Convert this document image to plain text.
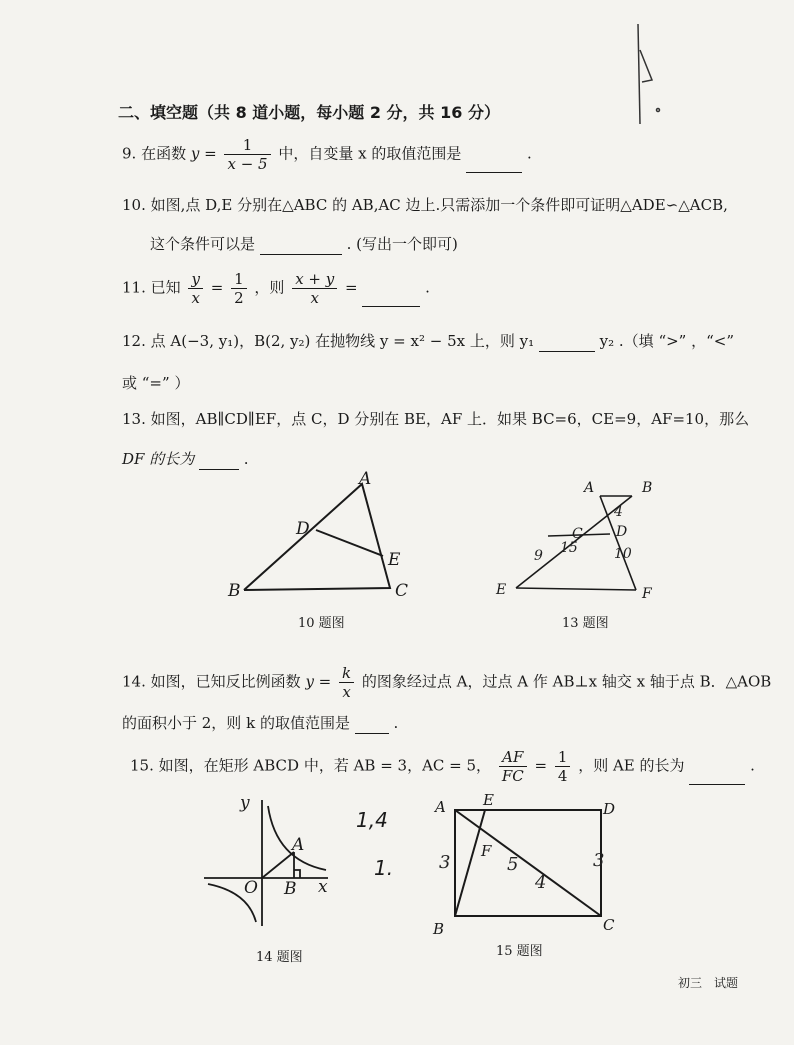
二、填空题（共 8 道小题，每小题 2 分，共 16 分）
9. 在函数 $y = \frac{1}{x - 5}$ 中，自变量 x 的取值范围是	.
10. 如图,点 D,E 分别在△ABC 的 AB,AC 边上.只需添加一个条件即可证明△ADE∽△ACB,
这个条件可以是	. (写出一个即可)
11. 已知 $\frac{y}{x} = \frac{1}{2}$ ，则 $\frac{x + y}{x}$ =	.
12. 点 A(−3, y₁)，B(2, y₂) 在抛物线 y = x² − 5x 上，则 y₁	y₂ .（填 “>” ，“<”
或 “=” ）
13. 如图，AB∥CD∥EF，点 C，D 分别在 BE，AF 上．如果 BC=6，CE=9，AF=10，那么
DF 的长为	.
A
B	C
D
E
10 题图
A	B
C D
E	F
9 15	10
4
13 题图
14. 如图，已知反比例函数 $y = \frac{k}{x}$ 的图象经过点 A，过点 A 作 AB⊥x 轴交 x 轴于点 B．△AOB
的面积小于 2，则 k 的取值范围是	.
15. 如图，在矩形 ABCD 中，若 AB = 3，AC = 5， $\frac{AF}{FC} = \frac{1}{4}$ ，则 AE 的长为	.
y
x
O
A
B
14 题图
1,4
1.
A
B	C
D
E
F
3	5
4
3
15 题图
初三　试题
